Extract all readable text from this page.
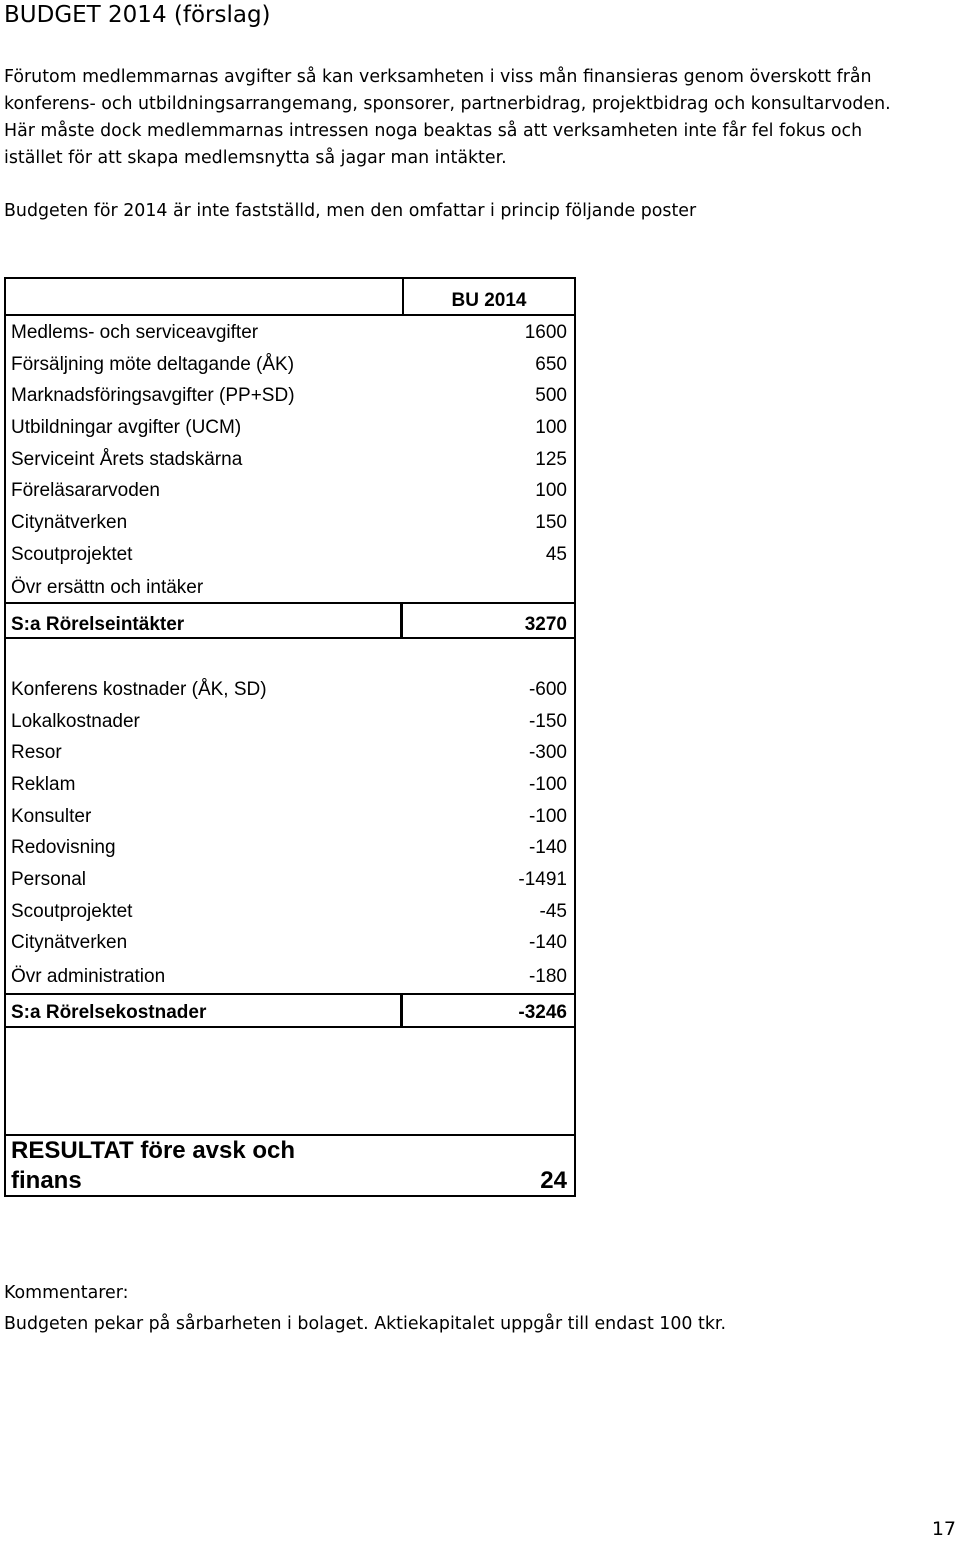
BUDGET 2014 (förslag)
Förutom medlemmarnas avgifter så kan verksamheten i viss mån finansieras genom överskott från
konferens- och utbildningsarrangemang, sponsorer, partnerbidrag, projektbidrag och konsultarvoden.
Här måste dock medlemmarnas intressen noga beaktas så att verksamheten inte får fel fokus och
istället för att skapa medlemsnytta så jagar man intäkter.

Budgeten för 2014 är inte fastställd, men den omfattar i princip följande poster

BU 2014
Medlems- och serviceavgifter	1600
Försäljning möte deltagande (ÅK)	650
Marknadsföringsavgifter (PP+SD)	500
Utbildningar avgifter (UCM)	100
Serviceint Årets stadskärna	125
Föreläsararvoden	100
Citynätverken	150
Scoutprojektet	45
Övr ersättn och intäker
S:a Rörelseintäkter	3270
Konferens kostnader (ÅK, SD)	-600
Lokalkostnader	-150
Resor	-300
Reklam	-100
Konsulter	-100
Redovisning	-140
Personal	-1491
Scoutprojektet	-45
Citynätverken	-140
Övr administration	-180
S:a Rörelsekostnader	-3246
RESULTAT före avsk och finans	24

Kommentarer:

Budgeten pekar på sårbarheten i bolaget. Aktiekapitalet uppgår till endast 100 tkr.

17
